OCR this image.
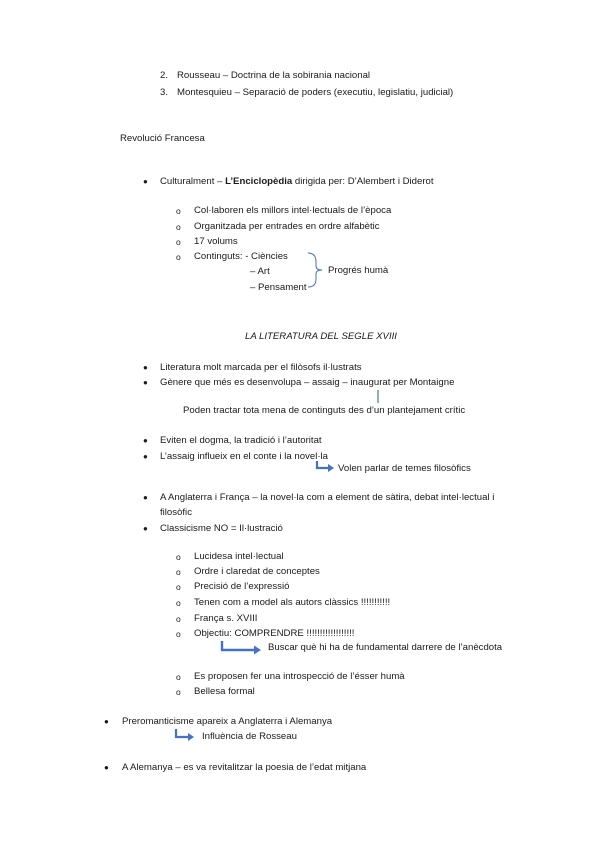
2. Rousseau – Doctrina de la sobirania nacional
3. Montesquieu – Separació de poders (executiu, legislatiu, judicial)
Revolució Francesa
● Culturalment – L’Enciclopèdia dirigida per: D’Alembert i Diderot
o Col·laboren els millors intel·lectuals de l’època
o Organitzada per entrades en ordre alfabètic
o 17 volums
o Continguts: - Ciències
– Art
– Pensament
Progrés humà
LA LITERATURA DEL SEGLE XVIII
● Literatura molt marcada per el filòsofs il·lustrats
● Gènere que més es desenvolupa – assaig – inaugurat per Montaigne
Poden tractar tota mena de continguts des d’un plantejament crític
● Eviten el dogma, la tradició i l’autoritat
● L’assaig influeix en el conte i la novel·la
Volen parlar de temes filosòfics
● A Anglaterra i França – la novel·la com a element de sàtira, debat intel·lectual i
filosòfic
● Classicisme NO = Il·lustració
o Lucidesa intel·lectual
o Ordre i claredat de conceptes
o Precisió de l’expressió
o Tenen com a model als autors clàssics !!!!!!!!!!!
o França s. XVIII
o Objectiu: COMPRENDRE !!!!!!!!!!!!!!!!!!
Buscar què hi ha de fundamental darrere de l’anècdota
o Es proposen fer una introspecció de l’ésser humà
o Bellesa formal
● Preromanticisme apareix a Anglaterra i Alemanya
Influència de Rosseau
● A Alemanya – es va revitalitzar la poesia de l’edat mitjana
